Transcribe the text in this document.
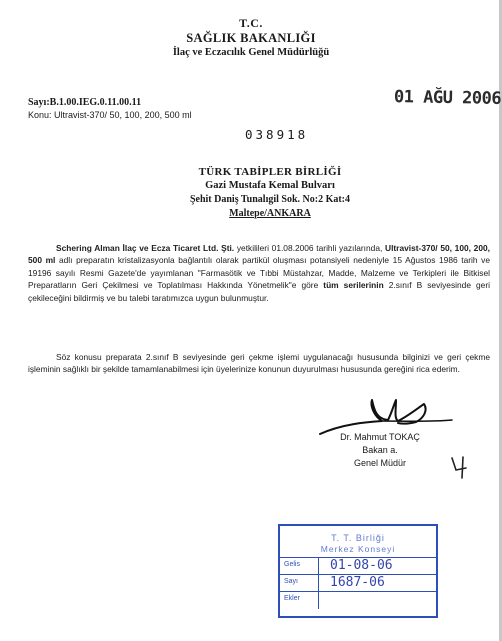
T.C.
SAĞLIK BAKANLIĞI
İlaç ve Eczacılık Genel Müdürlüğü
Sayı:B.1.00.IEG.0.11.00.11
Konu: Ultravist-370/ 50, 100, 200, 500 ml
01 AĞU 2006
038918
TÜRK TABİPLER BİRLİĞİ
Gazi Mustafa Kemal Bulvarı
Şehit Daniş Tunalıgil Sok. No:2 Kat:4
Maltepe/ANKARA
Schering Alman İlaç ve Ecza Ticaret Ltd. Şti. yetkilileri 01.08.2006 tarihli yazılarında, Ultravist-370/ 50, 100, 200, 500 ml adlı preparatın kristalizasyonla bağlantılı olarak partikül oluşması potansiyeli nedeniyle 15 Ağustos 1986 tarih ve 19196 sayılı Resmi Gazete'de yayımlanan "Farmasötik ve Tıbbi Müstahzar, Madde, Malzeme ve Terkipleri ile Bitkisel Preparatların Geri Çekilmesi ve Toplatılması Hakkında Yönetmelik"e göre tüm serilerinin 2.sınıf B seviyesinde geri çekileceğini bildirmiş ve bu talebi taratımızca uygun bulunmuştur.
Söz konusu preparata 2.sınıf B seviyesinde geri çekme işlemi uygulanacağı hususunda bilginizi ve geri çekme işleminin sağlıklı bir şekilde tamamlanabilmesi için üyelerinize konunun duyurulması hususunda gereğini rica ederim.
Dr. Mahmut TOKAÇ
Bakan a.
Genel Müdür
T. T. Birliği
Merkez Konseyi
Gelis 01-08-06
Sayı 1687-06
Ekler
